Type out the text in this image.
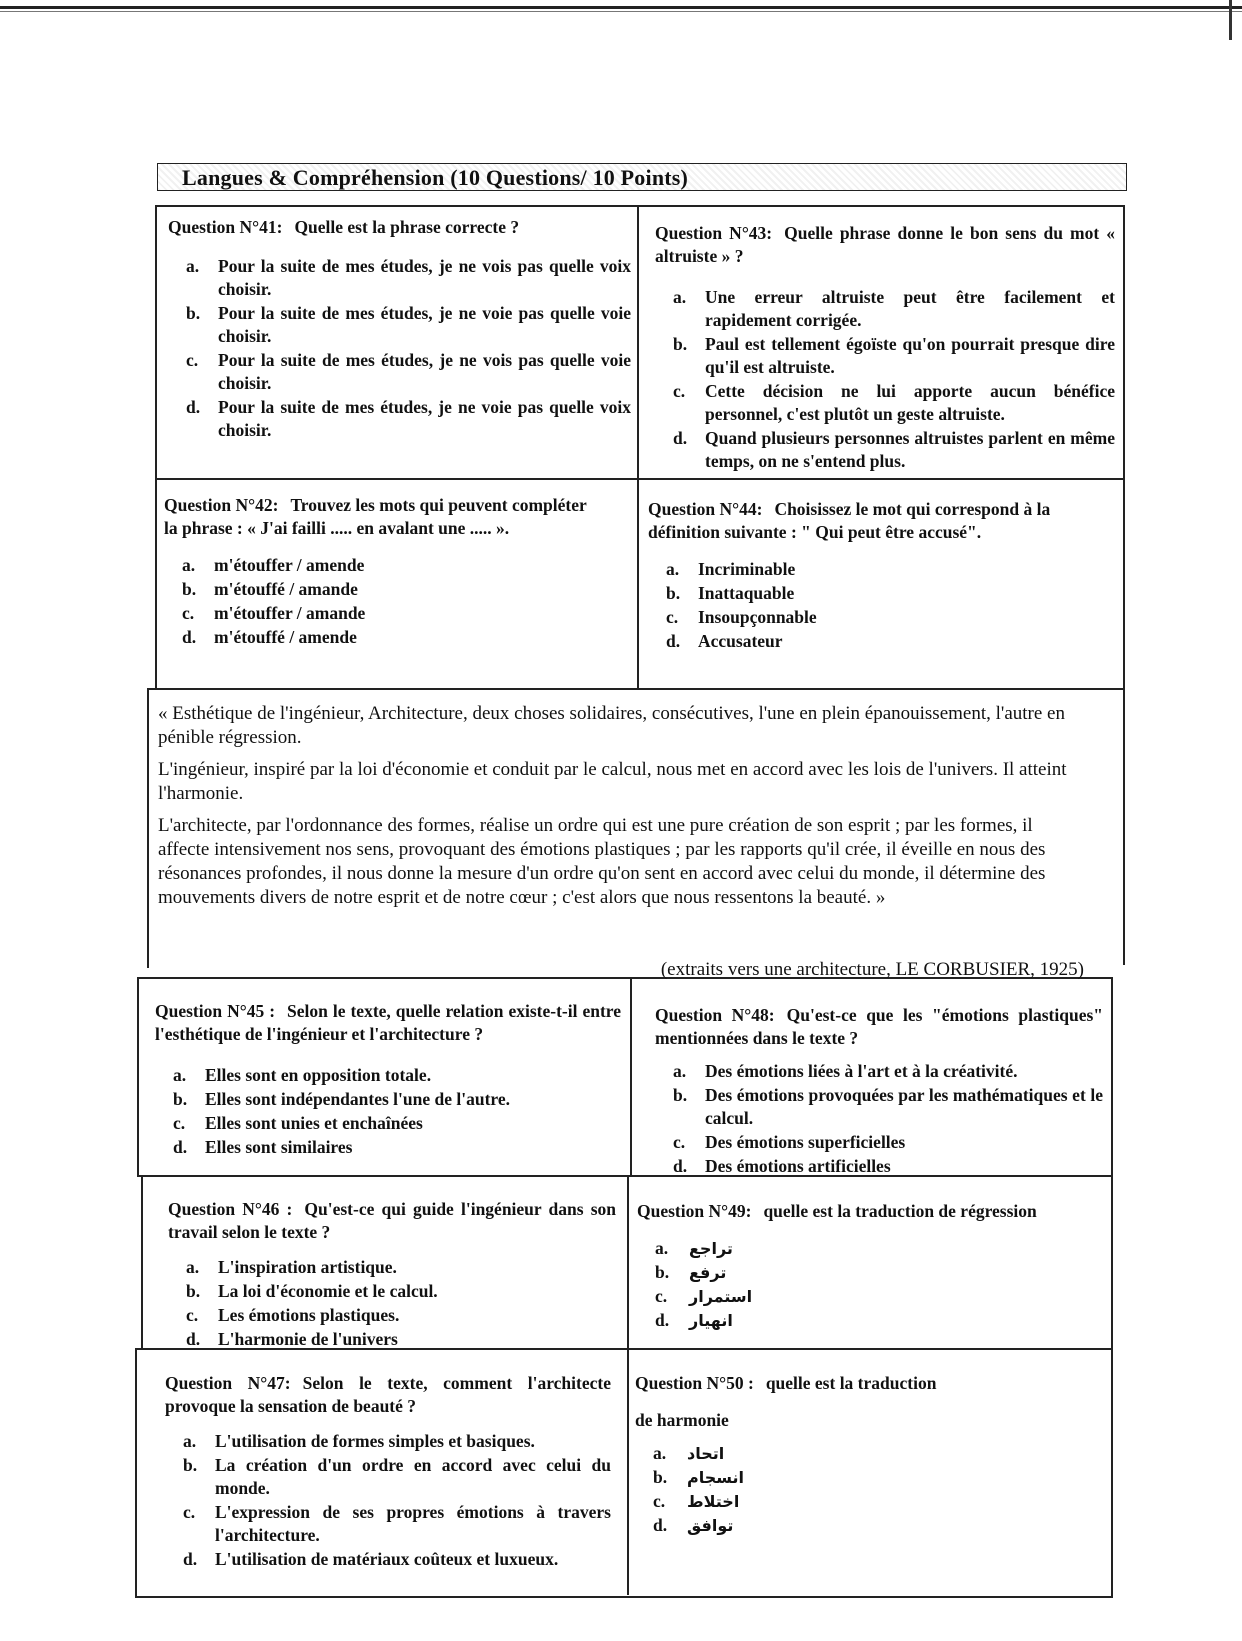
Langues & Compréhension (10 Questions/ 10 Points)

Question N°41: Quelle est la phrase correcte ?

a. Pour la suite de mes études, je ne vois pas quelle voix choisir.
b. Pour la suite de mes études, je ne voie pas quelle voie choisir.
c. Pour la suite de mes études, je ne vois pas quelle voie choisir.
d. Pour la suite de mes études, je ne voie pas quelle voix choisir.

Question N°43: Quelle phrase donne le bon sens du mot « altruiste » ?

a. Une erreur altruiste peut être facilement et rapidement corrigée.
b. Paul est tellement égoïste qu'on pourrait presque dire qu'il est altruiste.
c. Cette décision ne lui apporte aucun bénéfice personnel, c'est plutôt un geste altruiste.
d. Quand plusieurs personnes altruistes parlent en même temps, on ne s'entend plus.

Question N°42: Trouvez les mots qui peuvent compléter la phrase : « J'ai failli ..... en avalant une ..... ».

a. m'étouffer / amende
b. m'étouffé / amande
c. m'étouffer / amande
d. m'étouffé / amende

Question N°44: Choisissez le mot qui correspond à la définition suivante : " Qui peut être accusé".

a. Incriminable
b. Inattaquable
c. Insoupçonnable
d. Accusateur

« Esthétique de l'ingénieur, Architecture, deux choses solidaires, consécutives, l'une en plein épanouissement, l'autre en pénible régression.

L'ingénieur, inspiré par la loi d'économie et conduit par le calcul, nous met en accord avec les lois de l'univers. Il atteint l'harmonie.

L'architecte, par l'ordonnance des formes, réalise un ordre qui est une pure création de son esprit ; par les formes, il affecte intensivement nos sens, provoquant des émotions plastiques ; par les rapports qu'il crée, il éveille en nous des résonances profondes, il nous donne la mesure d'un ordre qu'on sent en accord avec celui du monde, il détermine des mouvements divers de notre esprit et de notre cœur ; c'est alors que nous ressentons la beauté. »

(extraits vers une architecture, LE CORBUSIER, 1925)

Question N°45 : Selon le texte, quelle relation existe-t-il entre l'esthétique de l'ingénieur et l'architecture ?

a. Elles sont en opposition totale.
b. Elles sont indépendantes l'une de l'autre.
c. Elles sont unies et enchaînées
d. Elles sont similaires

Question N°48: Qu'est-ce que les "émotions plastiques" mentionnées dans le texte ?

a. Des émotions liées à l'art et à la créativité.
b. Des émotions provoquées par les mathématiques et le calcul.
c. Des émotions superficielles
d. Des émotions artificielles

Question N°46 : Qu'est-ce qui guide l'ingénieur dans son travail selon le texte ?

a. L'inspiration artistique.
b. La loi d'économie et le calcul.
c. Les émotions plastiques.
d. L'harmonie de l'univers

Question N°49: quelle est la traduction de régression

a. تراجع
b. ترفع
c. استمرار
d. انهيار

Question N°47: Selon le texte, comment l'architecte provoque la sensation de beauté ?

a. L'utilisation de formes simples et basiques.
b. La création d'un ordre en accord avec celui du monde.
c. L'expression de ses propres émotions à travers l'architecture.
d. L'utilisation de matériaux coûteux et luxueux.

Question N°50 : quelle est la traduction

de harmonie

a. اتحاد
b. انسجام
c. اختلاط
d. توافق
